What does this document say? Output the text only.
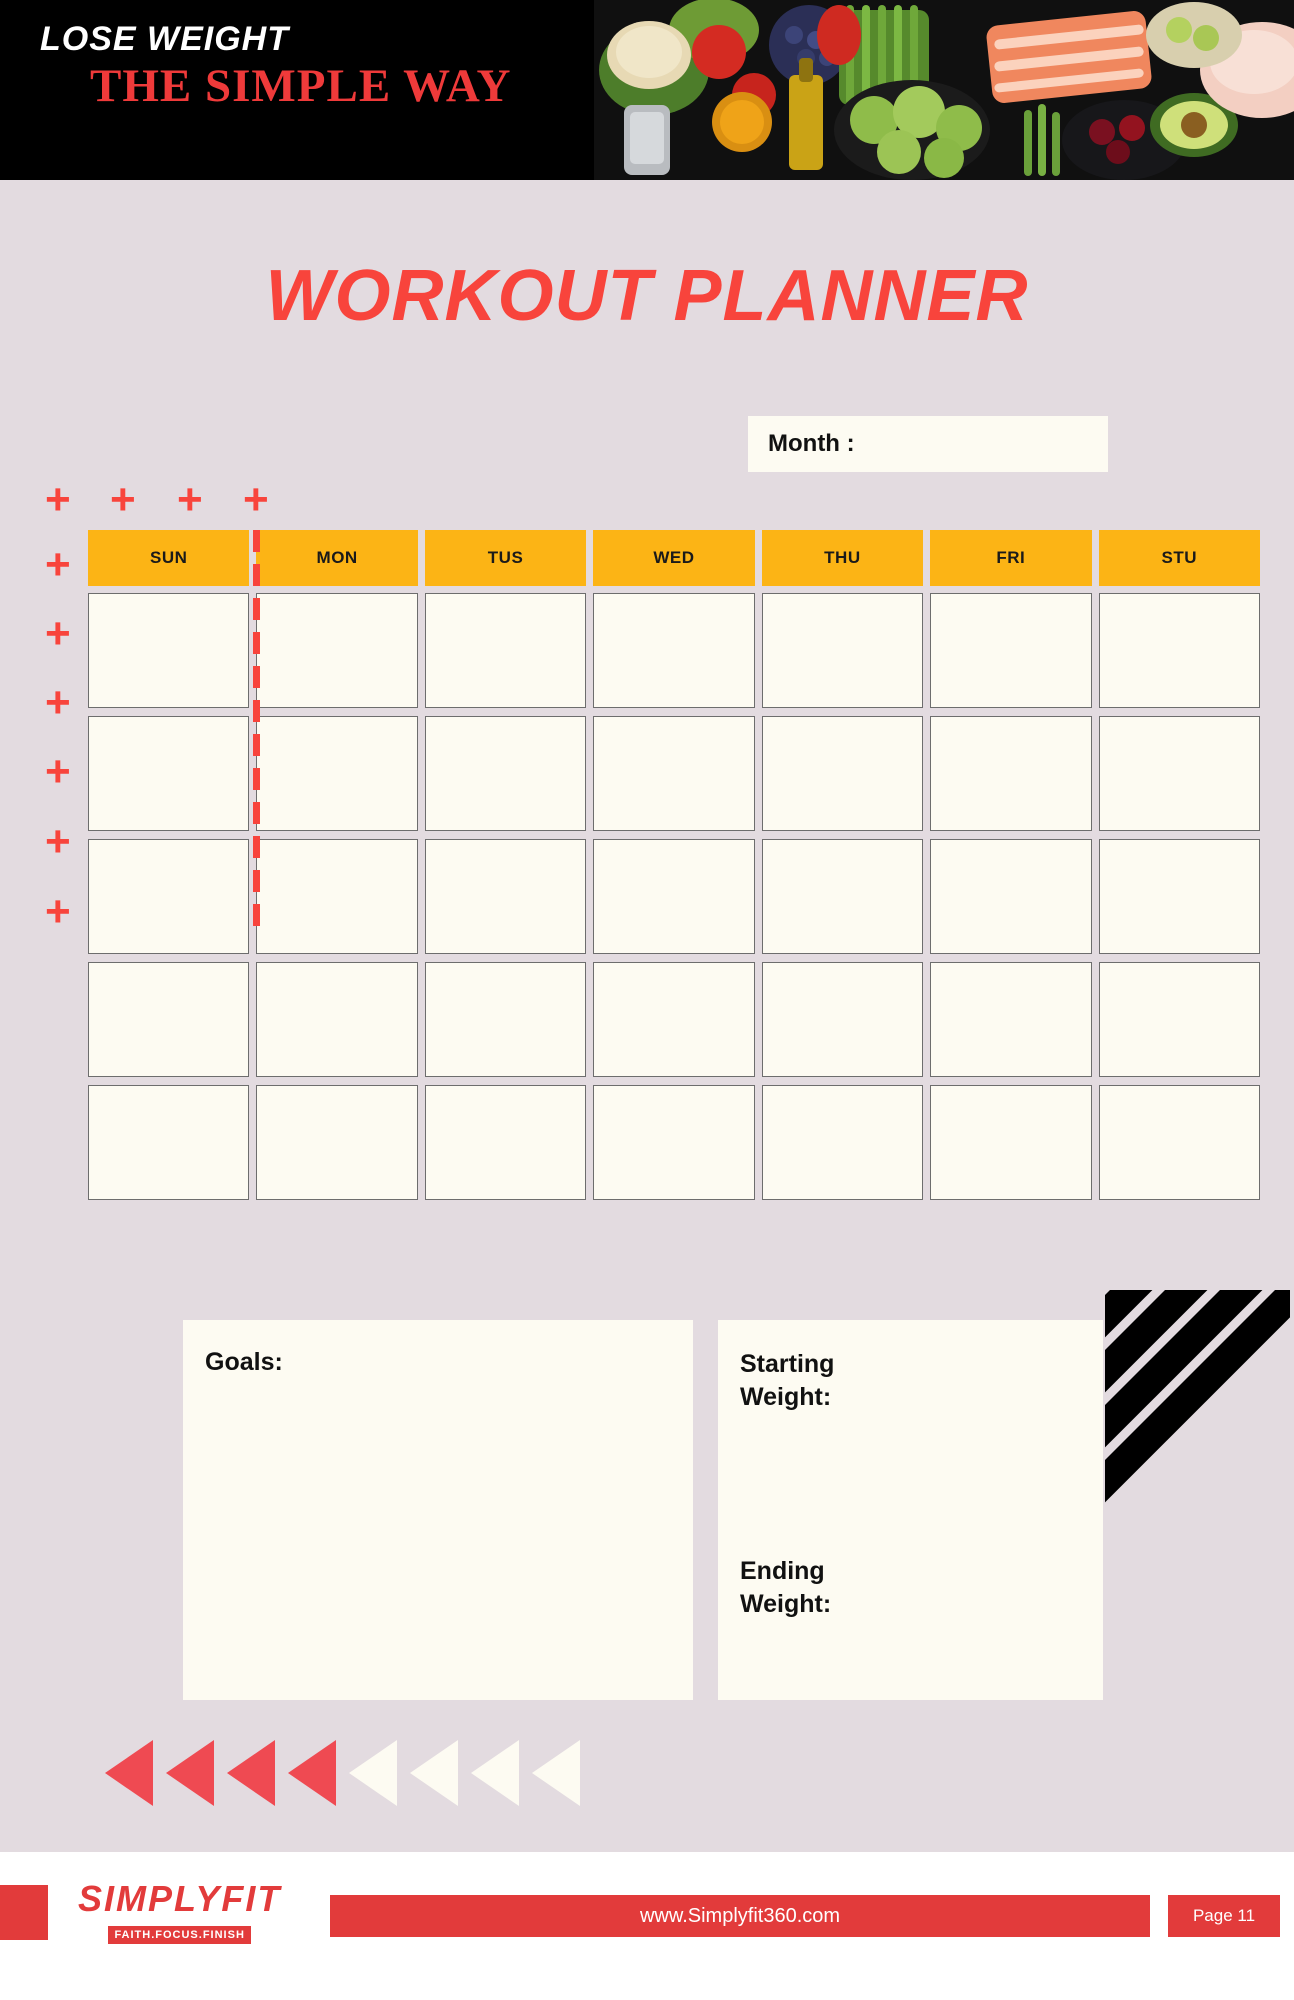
LOSE WEIGHT
THE SIMPLE WAY
WORKOUT PLANNER
Month :
+ + + +
+
+
+
+
+
+
SUN	MON	TUS	WED	THU	FRI	STU
Goals:	Starting
Weight:
Ending
Weight:
SIMPLYFIT
FAITH.FOCUS.FINISH
www.Simplyfit360.com	Page 11
